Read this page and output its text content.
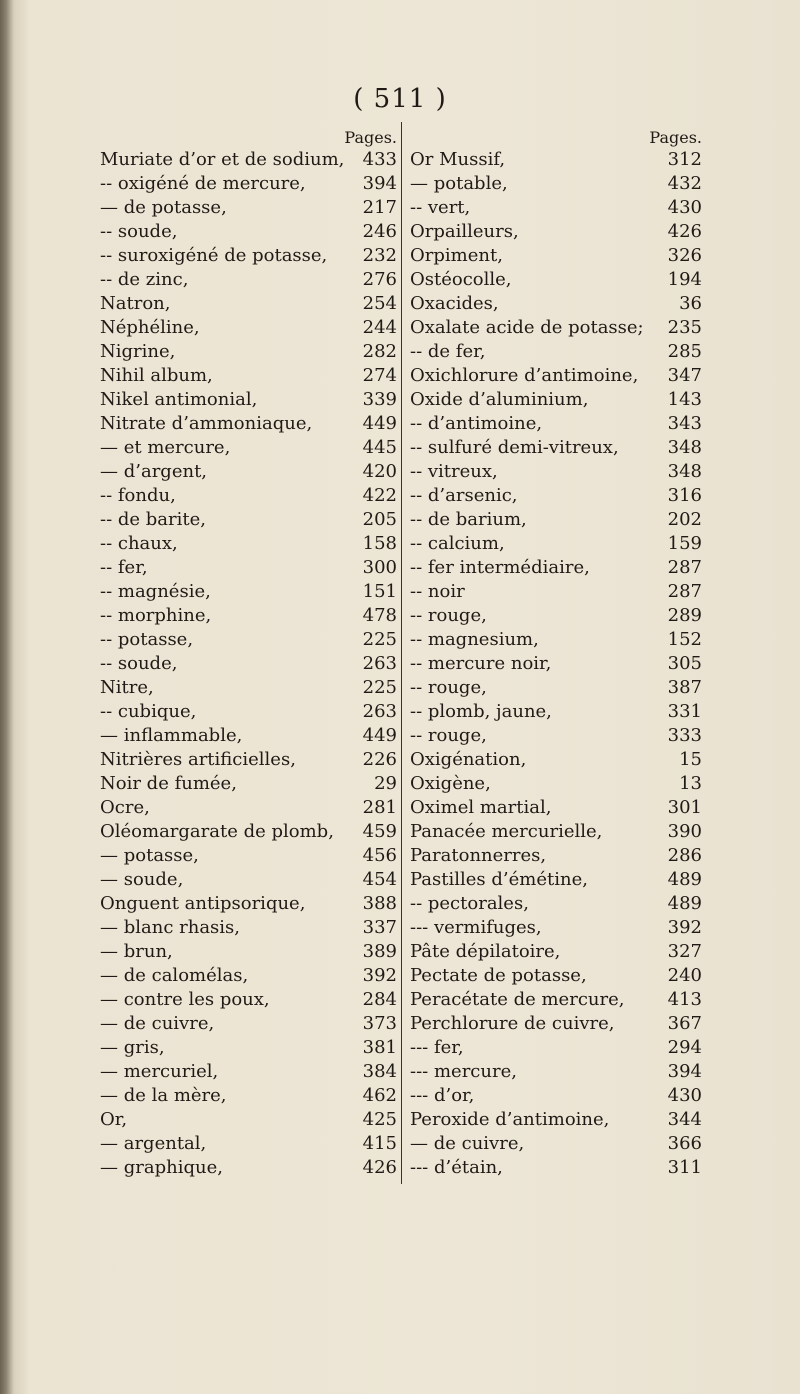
( 511 )
Pages.
Muriate d’or et de sodium, 433
-- oxigéné de mercure,	394
— de potasse,	217
-- soude,	246
-- suroxigéné de potasse, 232
-- de zinc,	276
Natron,	254
Néphéline,	244
Nigrine,	282
Nihil album,	274
Nikel antimonial,	339
Nitrate d’ammoniaque,	449
— et mercure,	445
— d’argent,	420
-- fondu,	422
-- de barite,	205
-- chaux,	158
-- fer,	300
-- magnésie,	151
-- morphine,	478
-- potasse,	225
-- soude,	263
Nitre,	225
-- cubique,	263
— inflammable,	449
Nitrières artificielles,	226
Noir de fumée,	29
Ocre,	281
Oléomargarate de plomb, 459
— potasse,	456
— soude,	454
Onguent antipsorique,	388
— blanc rhasis,	337
— brun,	389
— de calomélas,	392
— contre les poux,	284
— de cuivre,	373
— gris,	381
— mercuriel,	384
— de la mère,	462
Or,	425
— argental,	415
— graphique,	426
Pages.
Or Mussif,	312
— potable,	432
-- vert,	430
Orpailleurs,	426
Orpiment,	326
Ostéocolle,	194
Oxacides,	36
Oxalate acide de potasse; 235
-- de fer,	285
Oxichlorure d’antimoine, 347
Oxide d’aluminium,	143
-- d’antimoine,	343
-- sulfuré demi-vitreux,	348
-- vitreux,	348
-- d’arsenic,	316
-- de barium,	202
-- calcium,	159
-- fer intermédiaire,	287
-- noir	287
-- rouge,	289
-- magnesium,	152
-- mercure noir,	305
-- rouge,	387
-- plomb, jaune,	331
-- rouge,	333
Oxigénation,	15
Oxigène,	13
Oximel martial,	301
Panacée mercurielle,	390
Paratonnerres,	286
Pastilles d’émétine,	489
-- pectorales,	489
--- vermifuges,	392
Pâte dépilatoire,	327
Pectate de potasse,	240
Peracétate de mercure, 413
Perchlorure de cuivre,	367
--- fer,	294
--- mercure,	394
--- d’or,	430
Peroxide d’antimoine,	344
— de cuivre,	366
--- d’étain,	311
